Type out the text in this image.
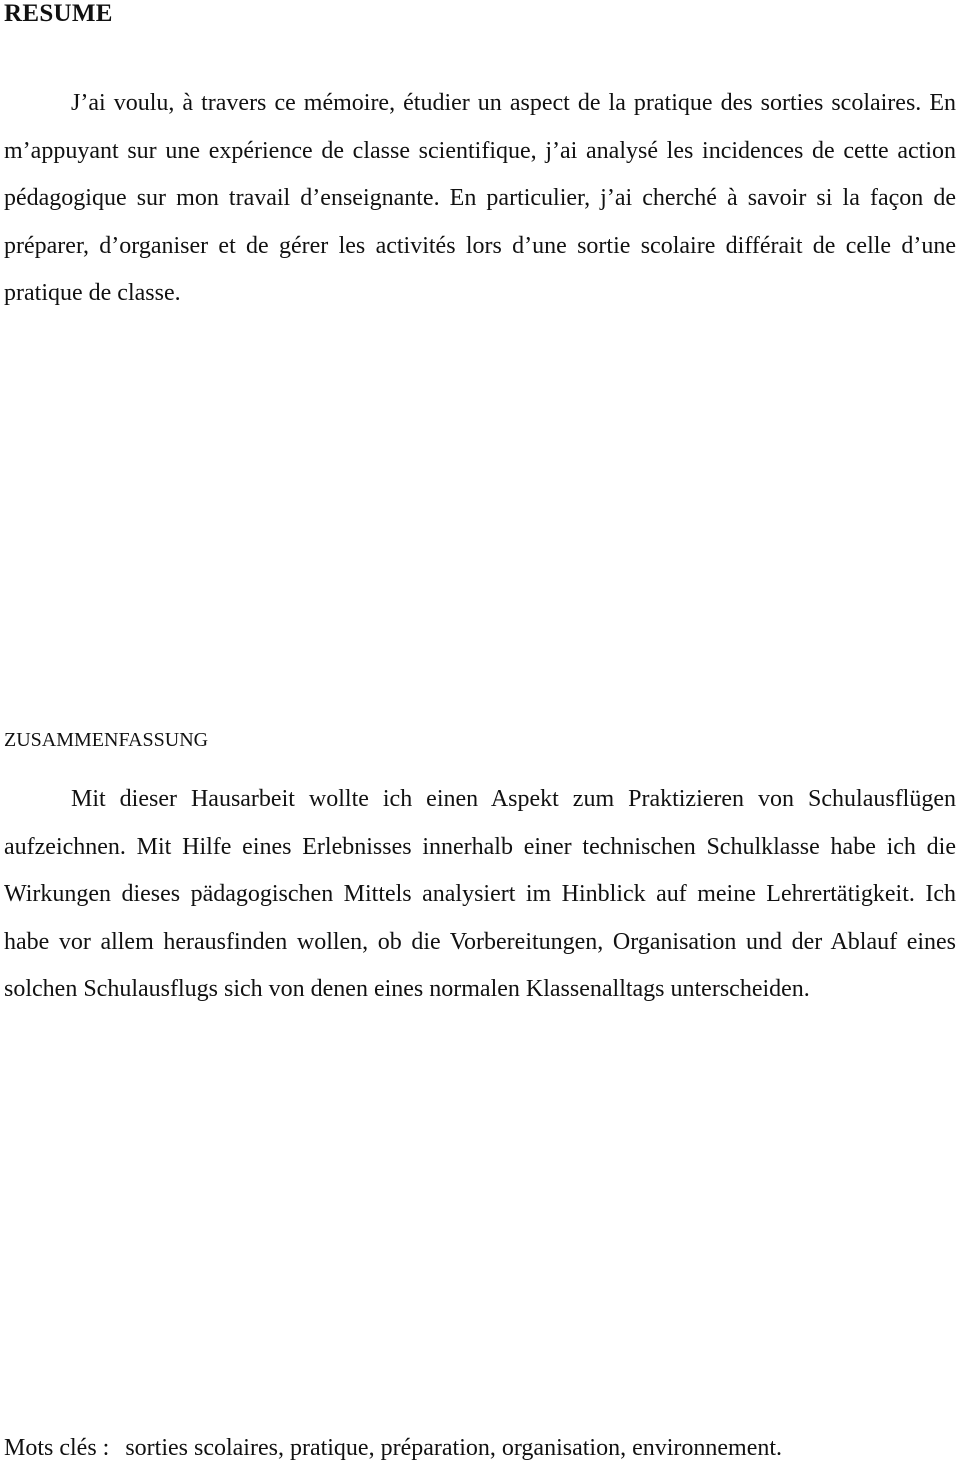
RESUME

J’ai voulu, à travers ce mémoire, étudier un aspect de la pratique des sorties scolaires. En m’appuyant sur une expérience de classe scientifique, j’ai analysé les incidences de cette action pédagogique sur mon travail d’enseignante. En particulier, j’ai cherché à savoir si la façon de préparer, d’organiser et de gérer les activités lors d’une sortie scolaire différait de celle d’une pratique de classe.

ZUSAMMENFASSUNG

Mit dieser Hausarbeit wollte ich einen Aspekt zum Praktizieren von Schulausflügen aufzeichnen. Mit Hilfe eines Erlebnisses innerhalb einer technischen Schulklasse habe ich die Wirkungen dieses pädagogischen Mittels analysiert im Hinblick auf meine Lehrertätigkeit. Ich habe vor allem herausfinden wollen, ob die Vorbereitungen, Organisation und der Ablauf eines solchen Schulausflugs sich von denen eines normalen Klassenalltags unterscheiden.

Mots clés : sorties scolaires, pratique, préparation, organisation, environnement.
